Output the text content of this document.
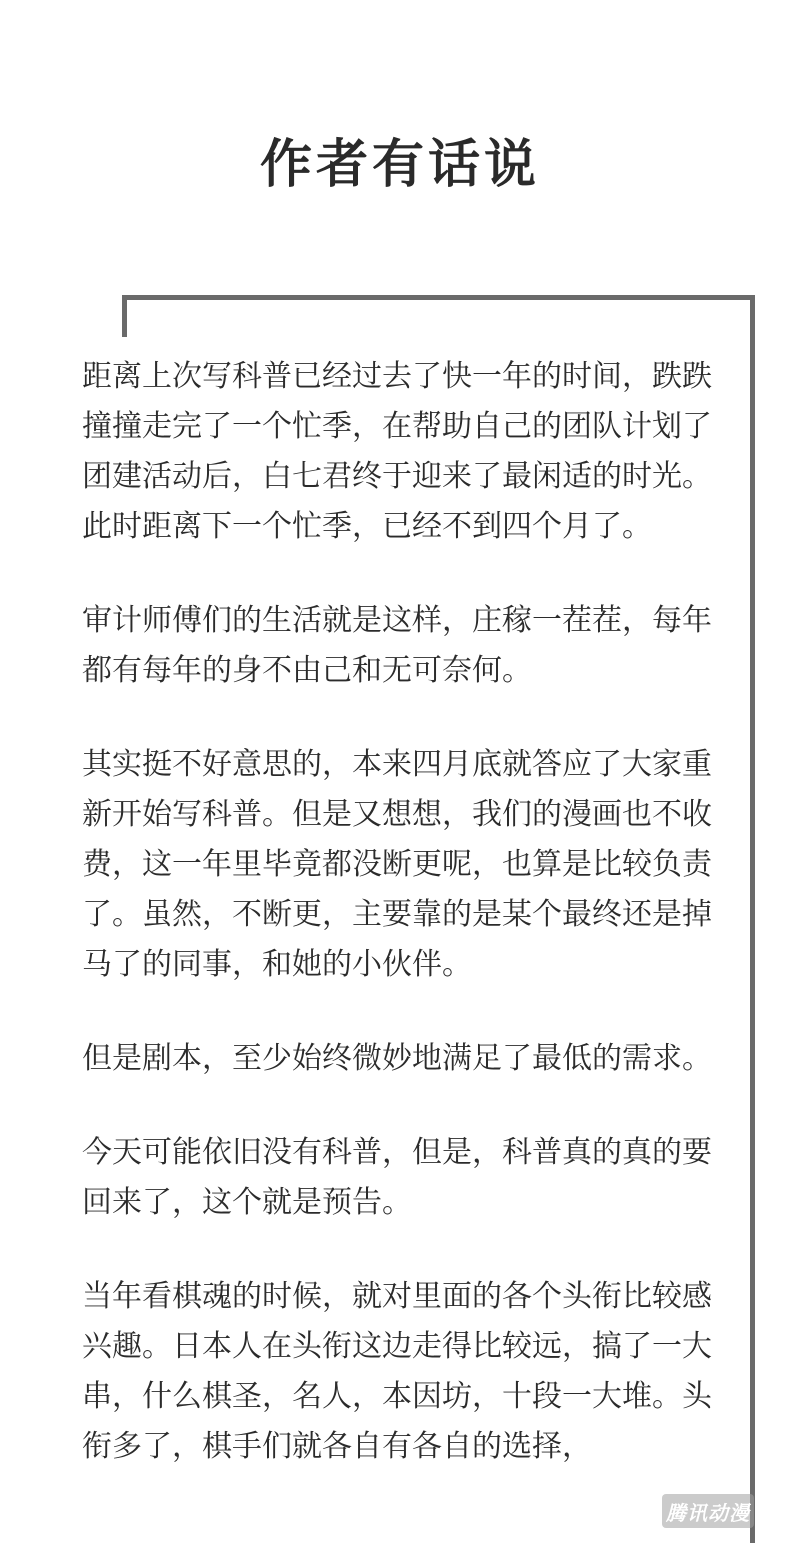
作者有话说

距离上次写科普已经过去了快一年的时间，跌跌撞撞走完了一个忙季，在帮助自己的团队计划了团建活动后，白七君终于迎来了最闲适的时光。此时距离下一个忙季，已经不到四个月了。

审计师傅们的生活就是这样，庄稼一茬茬，每年都有每年的身不由己和无可奈何。

其实挺不好意思的，本来四月底就答应了大家重新开始写科普。但是又想想，我们的漫画也不收费，这一年里毕竟都没断更呢，也算是比较负责了。虽然，不断更，主要靠的是某个最终还是掉马了的同事，和她的小伙伴。

但是剧本，至少始终微妙地满足了最低的需求。

今天可能依旧没有科普，但是，科普真的真的要回来了，这个就是预告。

当年看棋魂的时候，就对里面的各个头衔比较感兴趣。日本人在头衔这边走得比较远，搞了一大串，什么棋圣，名人，本因坊，十段一大堆。头衔多了，棋手们就各自有各自的选择，

腾讯动漫
